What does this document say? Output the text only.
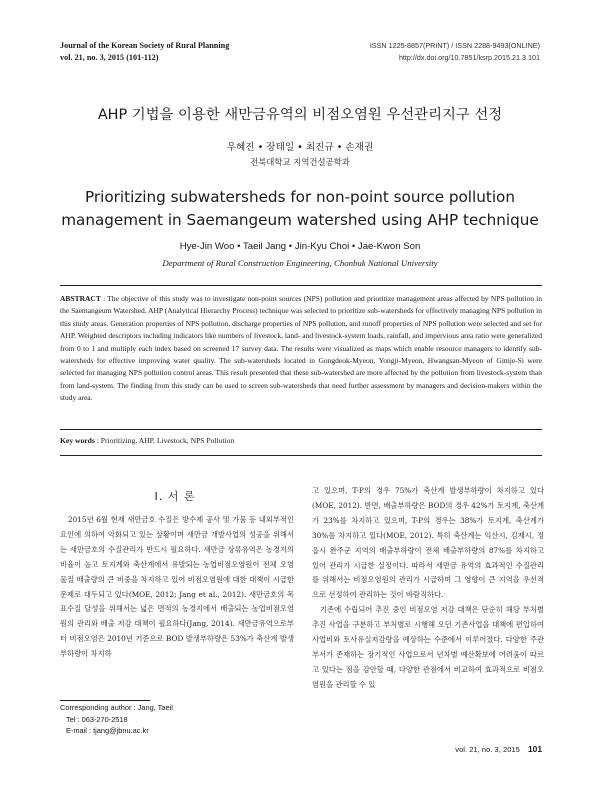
Journal of the Korean Society of Rural Planning
vol. 21, no. 3, 2015 (101-112)
ISSN 1225-8857(PRINT) / ISSN 2288-9493(ONLINE)
http://dx.doi.org/10.7851/ksrp.2015.21.3.101
AHP 기법을 이용한 새만금유역의 비점오염원 우선관리지구 선정
우혜진 • 장태일 • 최진규 • 손재권
전북대학교 지역건설공학과
Prioritizing subwatersheds for non-point source pollution management in Saemangeum watershed using AHP technique
Hye-Jin Woo • Taeil Jang • Jin-Kyu Choi • Jae-Kwon Son
Department of Rural Construction Engineering, Chonbuk National University
ABSTRACT : The objective of this study was to investigate non-point sources (NPS) pollution and prioritize management areas affected by NPS pollution in the Saemangeum Watershed. AHP (Analytical Hierarchy Process) technique was selected to prioritize sub-watersheds for effectively managing NPS pollution in this study areas. Generation properties of NPS pollution, discharge properties of NPS pollution, and runoff properties of NPS pollution were selected and set for AHP. Weighted descriptors including indicators like numbers of livestock, land- and livestock-system loads, rainfall, and impervious area ratio were generalized from 0 to 1 and multiply each index based on screened 17 survey data. The results were visualized as maps which enable resource managers to identify sub-watersheds for effective improving water quality. The sub-watersheds located in Gongdeok-Myeon, Yongji-Myeon, Hwangsan-Myeon of Gimje-Si were selected for managing NPS pollution control areas. This result presented that these sub-watershed are more affected by the pollution from livestock-system than from land-system. The finding from this study can be used to screen sub-watersheds that need further assessment by managers and decision-makers within the study area.
Key words : Prioritizing, AHP, Livestock, NPS Pollution
Ⅰ. 서 론

2015년 6월 현재 새만금호 수질은 방수제 공사 및 가뭄 등 내외부적인 요인에 의하여 악화되고 있는 상황이며 새만금 개발사업의 성공을 위해서는 새만금호의 수질관리가 반드시 필요하다. 새만금 상류유역은 농경지의 비율이 높고 토지계와 축산계에서 유발되는 농업비점오염원이 전체 오염물질 배출량의 큰 비중을 차지하고 있어 비점오염원에 대한 대책이 시급한 문제로 대두되고 있다(MOE, 2012; Jang et al., 2012). 새만금호의 목표수질 달성을 위해서는 넓은 면적의 농경지에서 배출되는 농업비점오염원의 관리와 배출 저감 대책이 필요하다(Jang, 2014). 새만금유역으로부터 비점오염은 2010년 기준으로 BOD 발생부하량은 53%가 축산계 발생부하량이 차지하

고 있으며, T-P의 경우 75%가 축산계 발생부하량이 차지하고 있다(MOE, 2012). 반면, 배출부하량은 BOD의 경우 42%가 토지계, 축산계가 23%를 차지하고 있으며, T-P의 경우는 38%가 토지계, 축산계가 30%를 차지하고 있다(MOE, 2012). 특히 축산계는 익산시, 김제시, 정읍시 완주군 지역의 배출부하량이 전체 배출부하량의 87%를 차지하고 있어 관리가 시급한 실정이다. 따라서 새만금 유역의 효과적인 수질관리를 위해서는 비점오염원의 관리가 시급하며 그 영향이 큰 지역을 우선적으로 선정하여 관리하는 것이 바람직하다.

기존에 수립되어 추진 중인 비점오염 저감 대책은 단순히 해당 부처별 추진 사업을 구분하고 부처별로 시행해 오던 기존사업을 대책에 편입하여 사업비와 토사유실저감량을 예상하는 수준에서 이루어졌다. 다양한 주관부서가 존재하는 장기적인 사업으로서 년차별 예산확보에 어려움이 따르고 있다는 점을 감안할 때, 다양한 관점에서 비교하여 효과적으로 비점오염원을 관리할 수 있

Corresponding author : Jang, Taeil
Tel : 063-270-2518
E-mail : tjang@jbnu.ac.kr
vol. 21, no. 3, 2015 101
